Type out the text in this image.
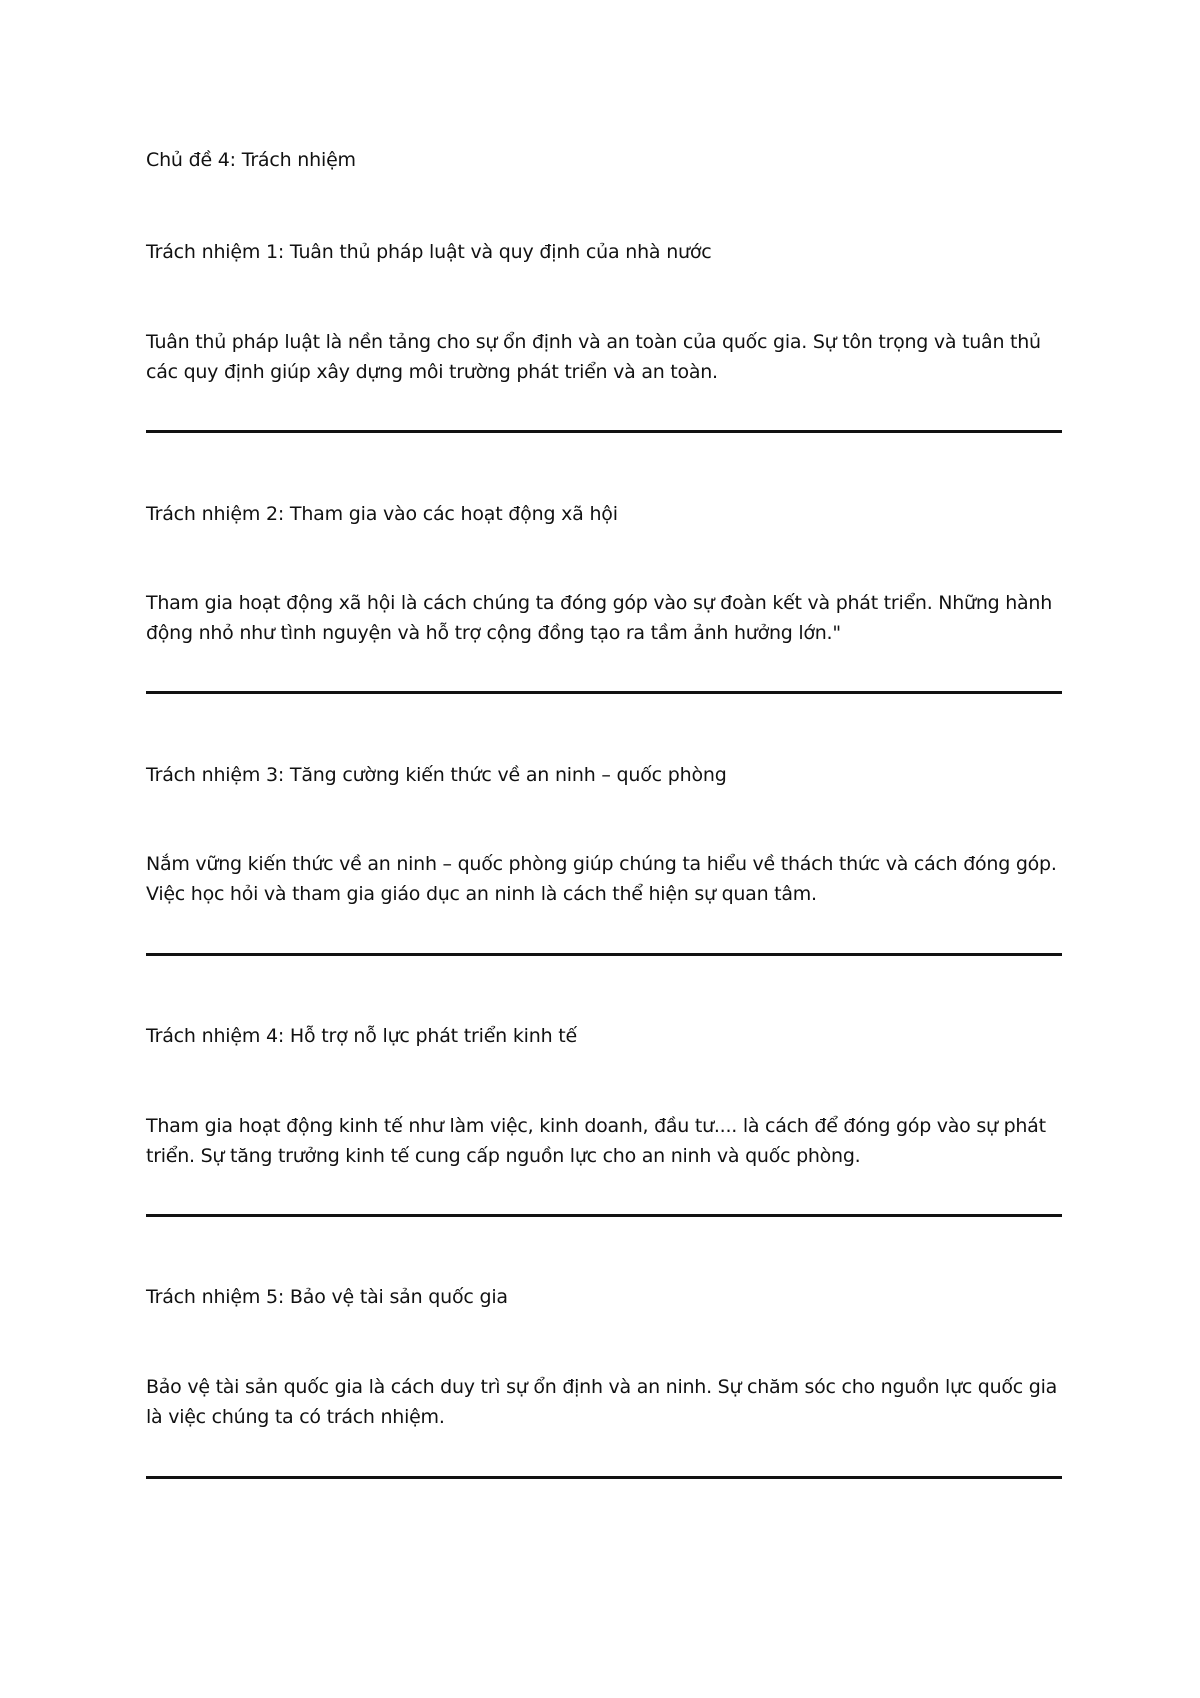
Chủ đề 4: Trách nhiệm
Trách nhiệm 1: Tuân thủ pháp luật và quy định của nhà nước

Tuân thủ pháp luật là nền tảng cho sự ổn định và an toàn của quốc gia. Sự tôn trọng và tuân thủ các quy định giúp xây dựng môi trường phát triển và an toàn.

Trách nhiệm 2: Tham gia vào các hoạt động xã hội

Tham gia hoạt động xã hội là cách chúng ta đóng góp vào sự đoàn kết và phát triển. Những hành động nhỏ như tình nguyện và hỗ trợ cộng đồng tạo ra tầm ảnh hưởng lớn."

Trách nhiệm 3: Tăng cường kiến thức về an ninh – quốc phòng

Nắm vững kiến thức về an ninh – quốc phòng giúp chúng ta hiểu về thách thức và cách đóng góp. Việc học hỏi và tham gia giáo dục an ninh là cách thể hiện sự quan tâm.

Trách nhiệm 4: Hỗ trợ nỗ lực phát triển kinh tế

Tham gia hoạt động kinh tế như làm việc, kinh doanh, đầu tư.... là cách để đóng góp vào sự phát triển. Sự tăng trưởng kinh tế cung cấp nguồn lực cho an ninh và quốc phòng.

Trách nhiệm 5: Bảo vệ tài sản quốc gia

Bảo vệ tài sản quốc gia là cách duy trì sự ổn định và an ninh. Sự chăm sóc cho nguồn lực quốc gia là việc chúng ta có trách nhiệm.
